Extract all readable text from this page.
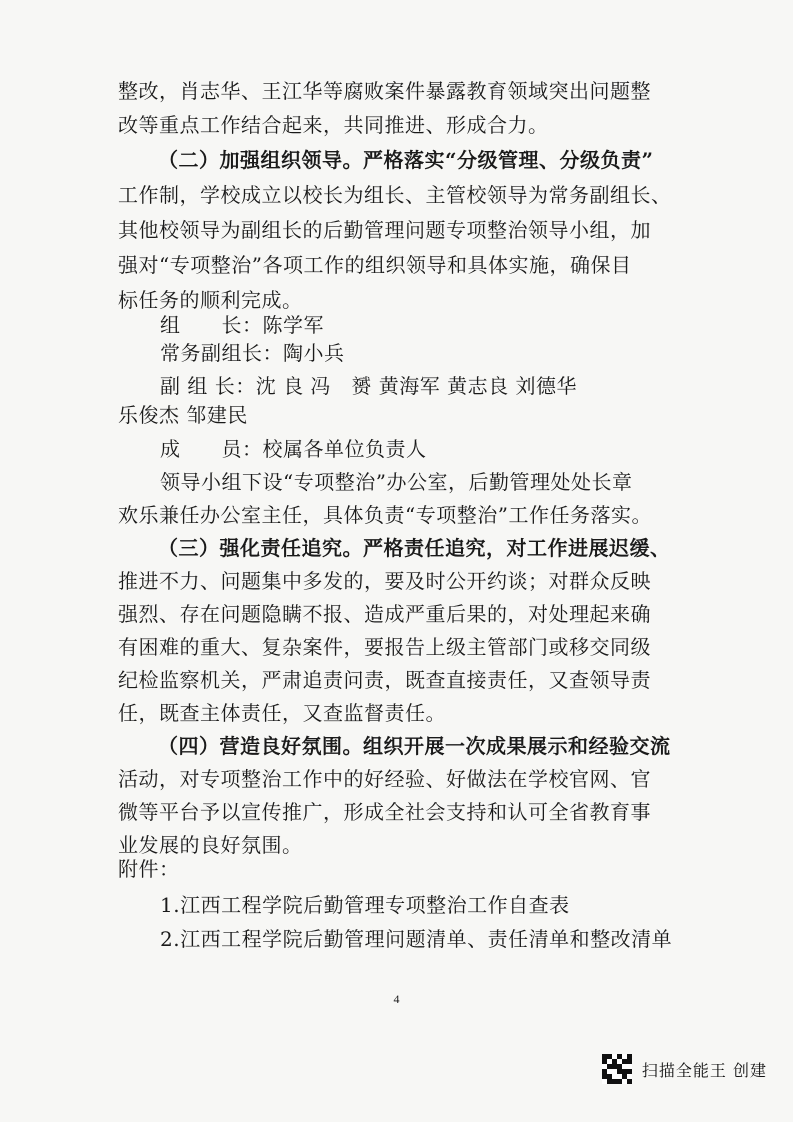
整改，肖志华、王江华等腐败案件暴露教育领域突出问题整
改等重点工作结合起来，共同推进、形成合力。
（二）加强组织领导。严格落实“分级管理、分级负责”
工作制，学校成立以校长为组长、主管校领导为常务副组长、
其他校领导为副组长的后勤管理问题专项整治领导小组，加
强对“专项整治”各项工作的组织领导和具体实施，确保目
标任务的顺利完成。
组　　长：陈学军
常务副组长：陶小兵
副 组 长：沈 良 冯　赟 黄海军 黄志良 刘德华
乐俊杰 邹建民
成　　员：校属各单位负责人
领导小组下设“专项整治”办公室，后勤管理处处长章
欢乐兼任办公室主任，具体负责“专项整治”工作任务落实。
（三）强化责任追究。严格责任追究，对工作进展迟缓、
推进不力、问题集中多发的，要及时公开约谈；对群众反映
强烈、存在问题隐瞒不报、造成严重后果的，对处理起来确
有困难的重大、复杂案件，要报告上级主管部门或移交同级
纪检监察机关，严肃追责问责，既查直接责任，又查领导责
任，既查主体责任，又查监督责任。
（四）营造良好氛围。组织开展一次成果展示和经验交流
活动，对专项整治工作中的好经验、好做法在学校官网、官
微等平台予以宣传推广，形成全社会支持和认可全省教育事
业发展的良好氛围。
附件：
1.江西工程学院后勤管理专项整治工作自查表
2.江西工程学院后勤管理问题清单、责任清单和整改清单
4
扫描全能王 创建
